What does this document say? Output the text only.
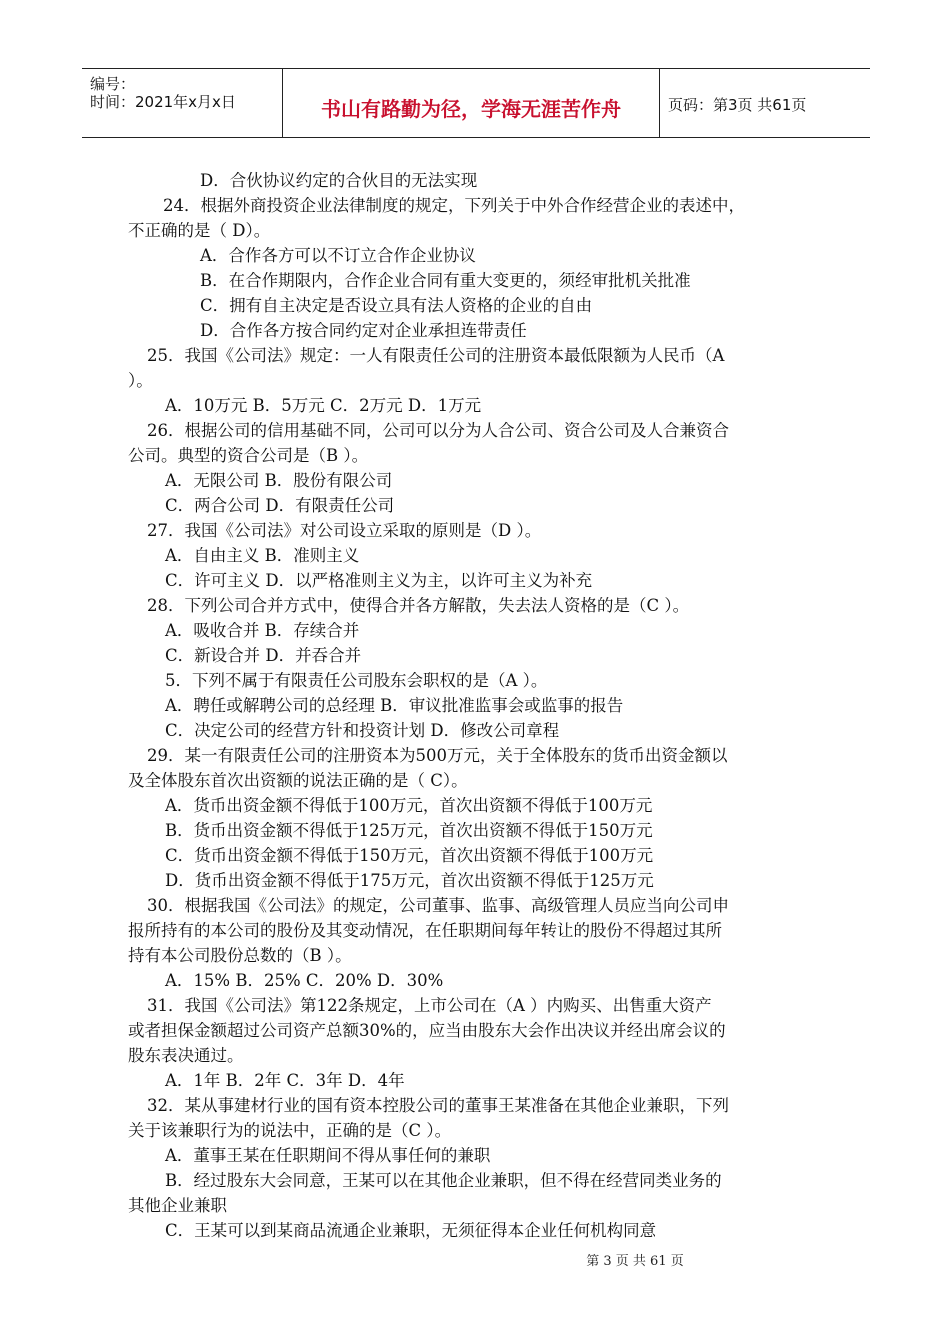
编号：
时间：2021年x月x日	书山有路勤为径，学海无涯苦作舟	页码：第3页 共61页
D．合伙协议约定的合伙目的无法实现
24．根据外商投资企业法律制度的规定，下列关于中外合作经营企业的表述中，
不正确的是（ D）。
A．合作各方可以不订立合作企业协议
B．在合作期限内，合作企业合同有重大变更的，须经审批机关批准
C．拥有自主决定是否设立具有法人资格的企业的自由
D．合作各方按合同约定对企业承担连带责任
25．我国《公司法》规定：一人有限责任公司的注册资本最低限额为人民币（A
）。
A．10万元 B．5万元 C．2万元 D．1万元
26．根据公司的信用基础不同，公司可以分为人合公司、资合公司及人合兼资合
公司。典型的资合公司是（B ）。
A．无限公司 B．股份有限公司
C．两合公司 D．有限责任公司
27．我国《公司法》对公司设立采取的原则是（D ）。
A．自由主义 B．准则主义
C．许可主义 D．以严格准则主义为主，以许可主义为补充
28．下列公司合并方式中，使得合并各方解散，失去法人资格的是（C ）。
A．吸收合并 B．存续合并
C．新设合并 D．并吞合并
5．下列不属于有限责任公司股东会职权的是（A ）。
A．聘任或解聘公司的总经理 B．审议批准监事会或监事的报告
C．决定公司的经营方针和投资计划 D．修改公司章程
29．某一有限责任公司的注册资本为500万元，关于全体股东的货币出资金额以
及全体股东首次出资额的说法正确的是（ C）。
A．货币出资金额不得低于100万元，首次出资额不得低于100万元
B．货币出资金额不得低于125万元，首次出资额不得低于150万元
C．货币出资金额不得低于150万元，首次出资额不得低于100万元
D．货币出资金额不得低于175万元，首次出资额不得低于125万元
30．根据我国《公司法》的规定，公司董事、监事、高级管理人员应当向公司申
报所持有的本公司的股份及其变动情况，在任职期间每年转让的股份不得超过其所
持有本公司股份总数的（B ）。
A．15% B．25% C．20% D．30%
31．我国《公司法》第122条规定，上市公司在（A ）内购买、出售重大资产
或者担保金额超过公司资产总额30%的，应当由股东大会作出决议并经出席会议的
股东表决通过。
A．1年 B．2年 C．3年 D．4年
32．某从事建材行业的国有资本控股公司的董事王某准备在其他企业兼职，下列
关于该兼职行为的说法中，正确的是（C ）。
A．董事王某在任职期间不得从事任何的兼职
B．经过股东大会同意，王某可以在其他企业兼职，但不得在经营同类业务的
其他企业兼职
C．王某可以到某商品流通企业兼职，无须征得本企业任何机构同意
第 3 页 共 61 页
